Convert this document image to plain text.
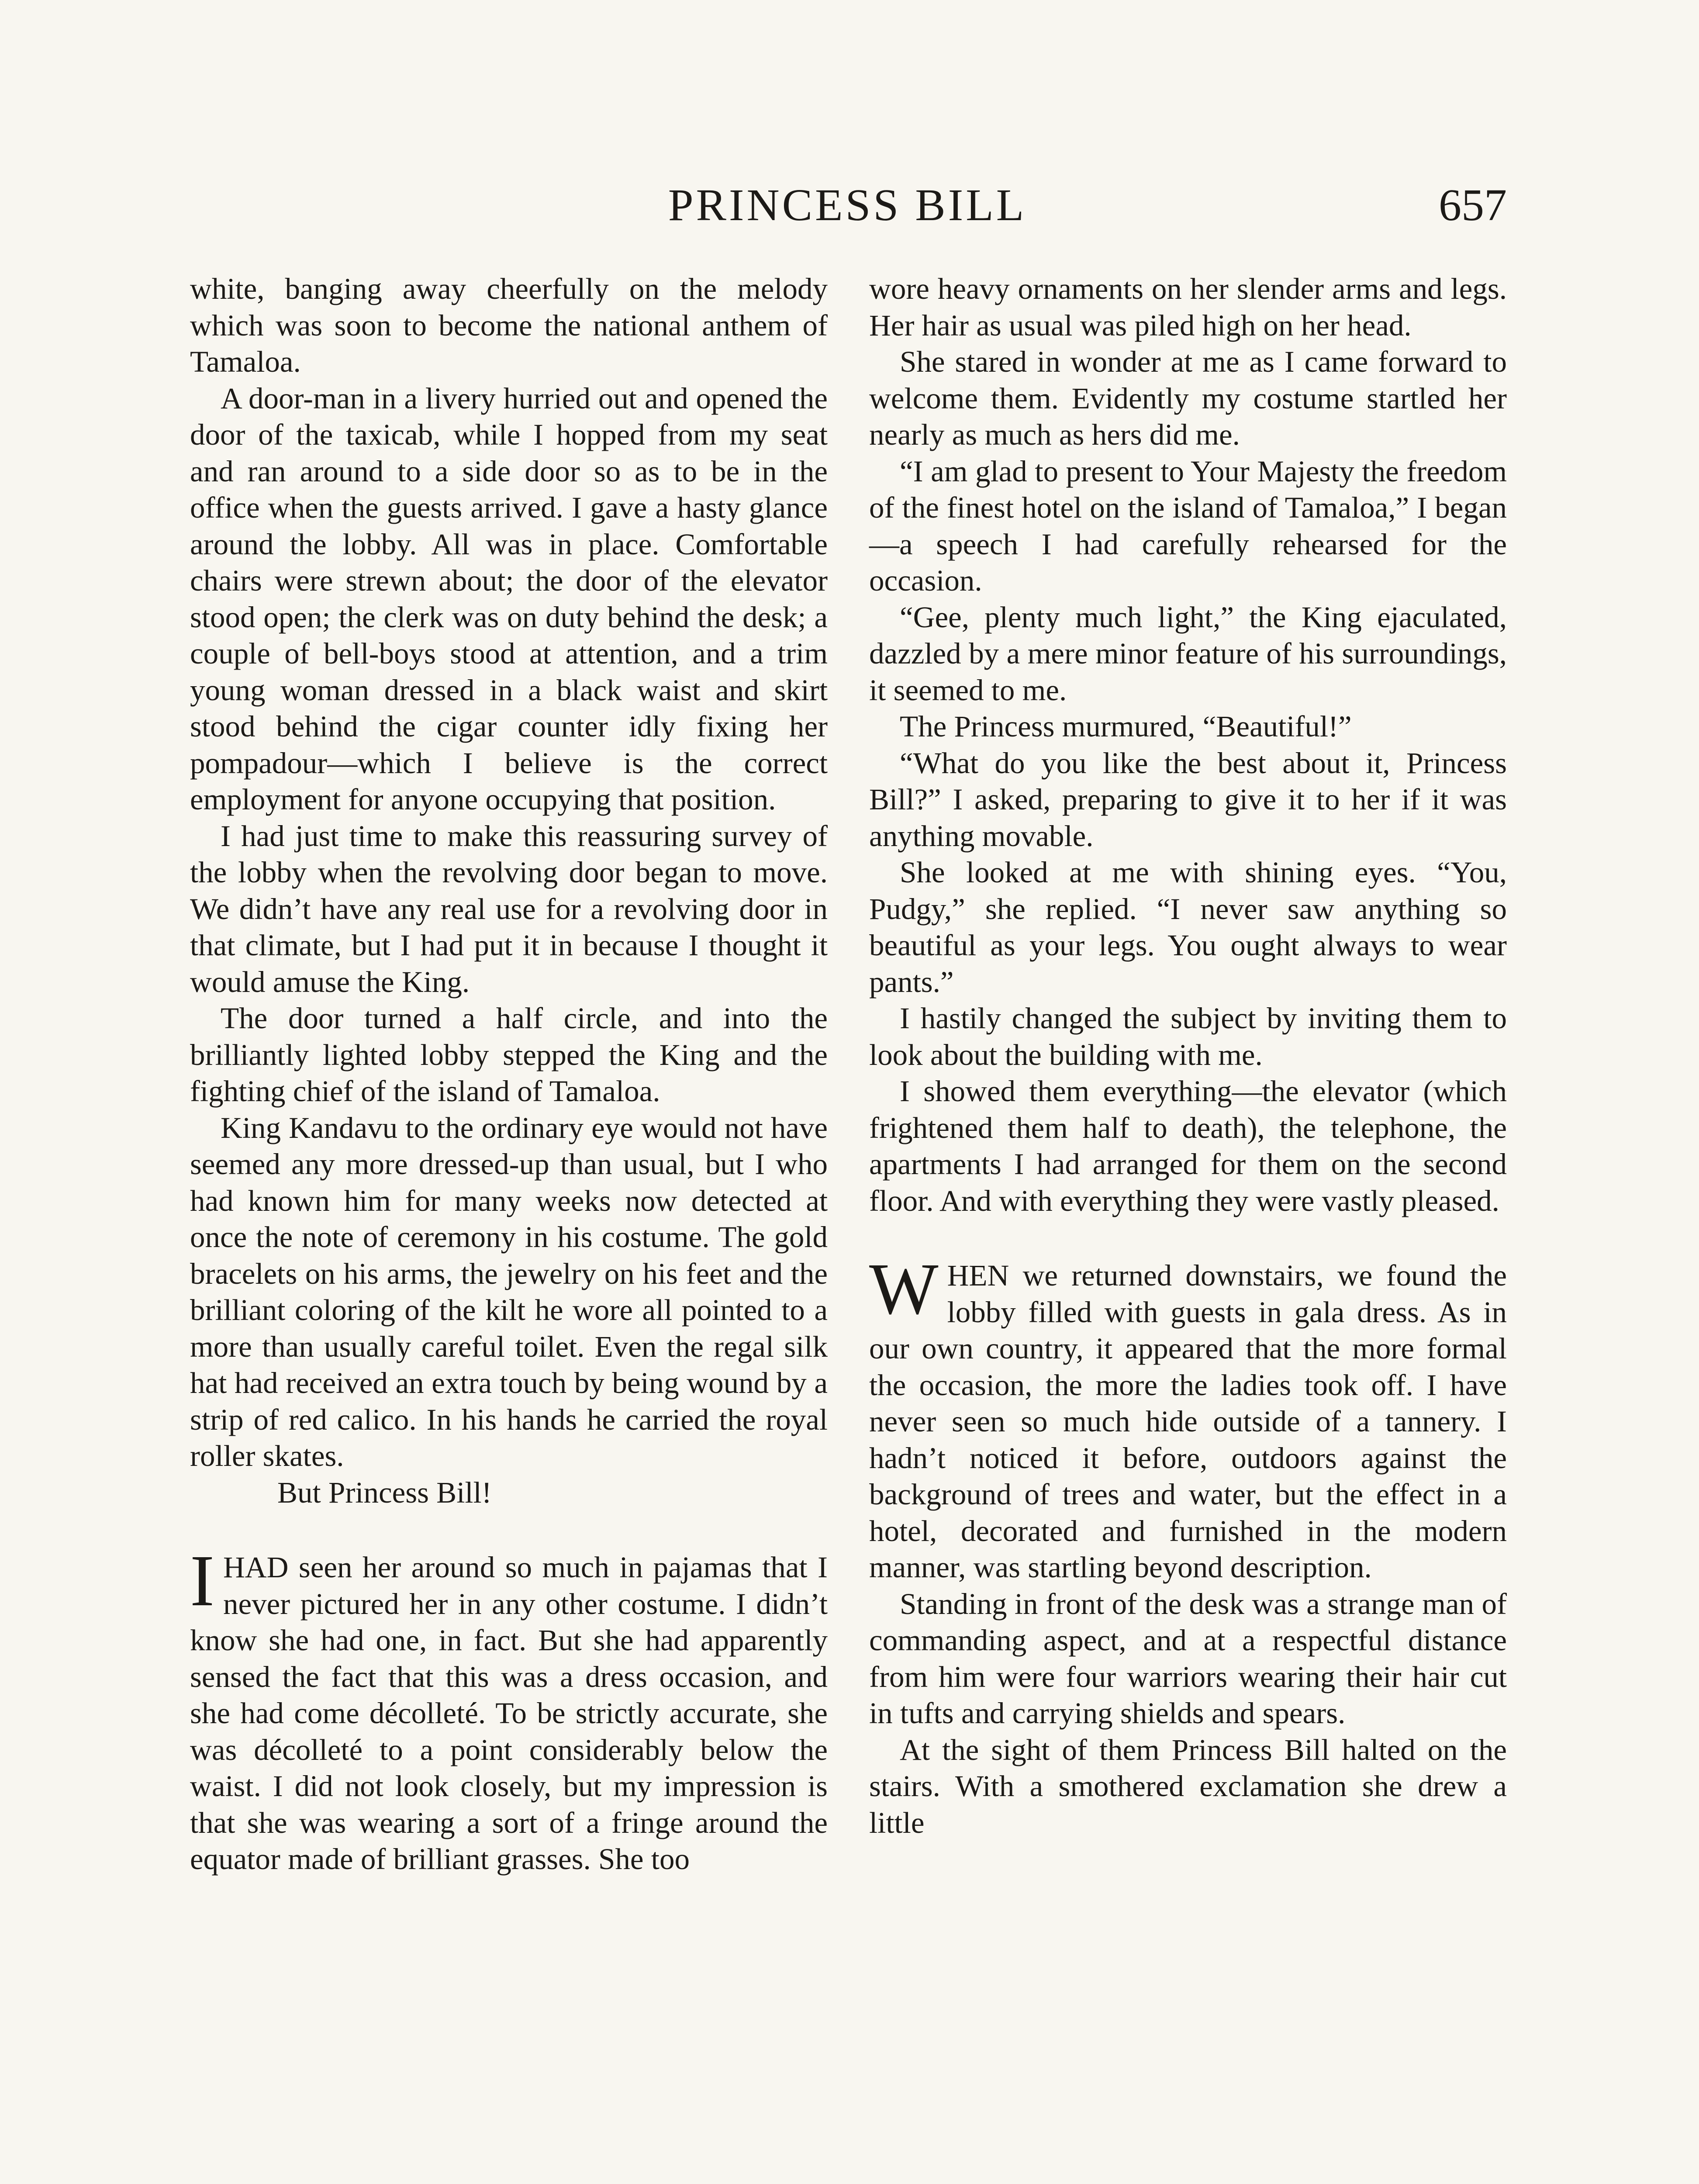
PRINCESS BILL	657

white, banging away cheerfully on the melody which was soon to become the national anthem of Tamaloa.

A door-man in a livery hurried out and opened the door of the taxicab, while I hopped from my seat and ran around to a side door so as to be in the office when the guests arrived. I gave a hasty glance around the lobby. All was in place. Comfortable chairs were strewn about; the door of the elevator stood open; the clerk was on duty behind the desk; a couple of bell-boys stood at attention, and a trim young woman dressed in a black waist and skirt stood behind the cigar counter idly fixing her pompadour—which I believe is the correct employment for anyone occupying that position.

I had just time to make this reassuring survey of the lobby when the revolving door began to move. We didn’t have any real use for a revolving door in that climate, but I had put it in because I thought it would amuse the King.

The door turned a half circle, and into the brilliantly lighted lobby stepped the King and the fighting chief of the island of Tamaloa.

King Kandavu to the ordinary eye would not have seemed any more dressed-up than usual, but I who had known him for many weeks now detected at once the note of ceremony in his costume. The gold bracelets on his arms, the jewelry on his feet and the brilliant coloring of the kilt he wore all pointed to a more than usually careful toilet. Even the regal silk hat had received an extra touch by being wound by a strip of red calico. In his hands he carried the royal roller skates.

But Princess Bill!

IHAD seen her around so much in pajamas that I never pictured her in any other costume. I didn’t know she had one, in fact. But she had apparently sensed the fact that this was a dress occasion, and she had come décolleté. To be strictly accurate, she was décolleté to a point considerably below the waist. I did not look closely, but my impression is that she was wearing a sort of a fringe around the equator made of brilliant grasses. She too

wore heavy ornaments on her slender arms and legs. Her hair as usual was piled high on her head.

She stared in wonder at me as I came forward to welcome them. Evidently my costume startled her nearly as much as hers did me.

“I am glad to present to Your Majesty the freedom of the finest hotel on the island of Tamaloa,” I began—a speech I had carefully rehearsed for the occasion.

“Gee, plenty much light,” the King ejaculated, dazzled by a mere minor feature of his surroundings, it seemed to me.

The Princess murmured, “Beautiful!”

“What do you like the best about it, Princess Bill?” I asked, preparing to give it to her if it was anything movable.

She looked at me with shining eyes. “You, Pudgy,” she replied. “I never saw anything so beautiful as your legs. You ought always to wear pants.”

I hastily changed the subject by inviting them to look about the building with me.

I showed them everything—the elevator (which frightened them half to death), the telephone, the apartments I had arranged for them on the second floor. And with everything they were vastly pleased.

WHEN we returned downstairs, we found the lobby filled with guests in gala dress. As in our own country, it appeared that the more formal the occasion, the more the ladies took off. I have never seen so much hide outside of a tannery. I hadn’t noticed it before, outdoors against the background of trees and water, but the effect in a hotel, decorated and furnished in the modern manner, was startling beyond description.

Standing in front of the desk was a strange man of commanding aspect, and at a respectful distance from him were four warriors wearing their hair cut in tufts and carrying shields and spears.

At the sight of them Princess Bill halted on the stairs. With a smothered exclamation she drew a little
